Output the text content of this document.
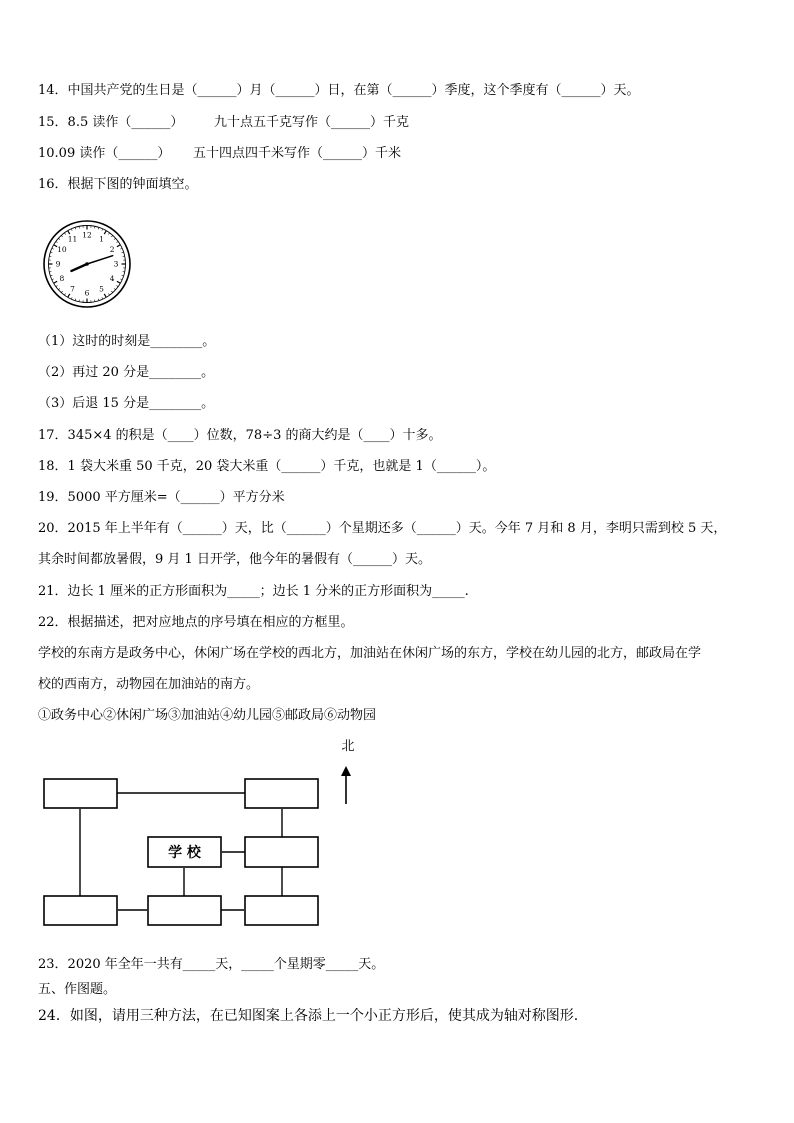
14．中国共产党的生日是（______）月（______）日，在第（______）季度，这个季度有（______）天。
15．8.5 读作（______） 九十点五千克写作（______）千克
10.09 读作（______） 五十四点四千米写作（______）千米
16．根据下图的钟面填空。
12 1
2
3
4
5
6
7
8
9
10
11
（1）这时的时刻是________。
（2）再过 20 分是________。
（3）后退 15 分是________。
17．345×4 的积是（____）位数，78÷3 的商大约是（____）十多。
18．1 袋大米重 50 千克，20 袋大米重（______）千克，也就是 1（______）。
19．5000 平方厘米=（______）平方分米
20．2015 年上半年有（______）天，比（______）个星期还多（______）天。今年 7 月和 8 月，李明只需到校 5 天，
其余时间都放暑假，9 月 1 日开学，他今年的暑假有（______）天。
21．边长 1 厘米的正方形面积为_____；边长 1 分米的正方形面积为_____.
22．根据描述，把对应地点的序号填在相应的方框里。
学校的东南方是政务中心，休闲广场在学校的西北方，加油站在休闲广场的东方，学校在幼儿园的北方，邮政局在学
校的西南方，动物园在加油站的南方。
①政务中心②休闲广场③加油站④幼儿园⑤邮政局⑥动物园
学 校
北
23．2020 年全年一共有_____天，_____个星期零_____天。
五、作图题。
24．如图，请用三种方法，在已知图案上各添上一个小正方形后，使其成为轴对称图形.
